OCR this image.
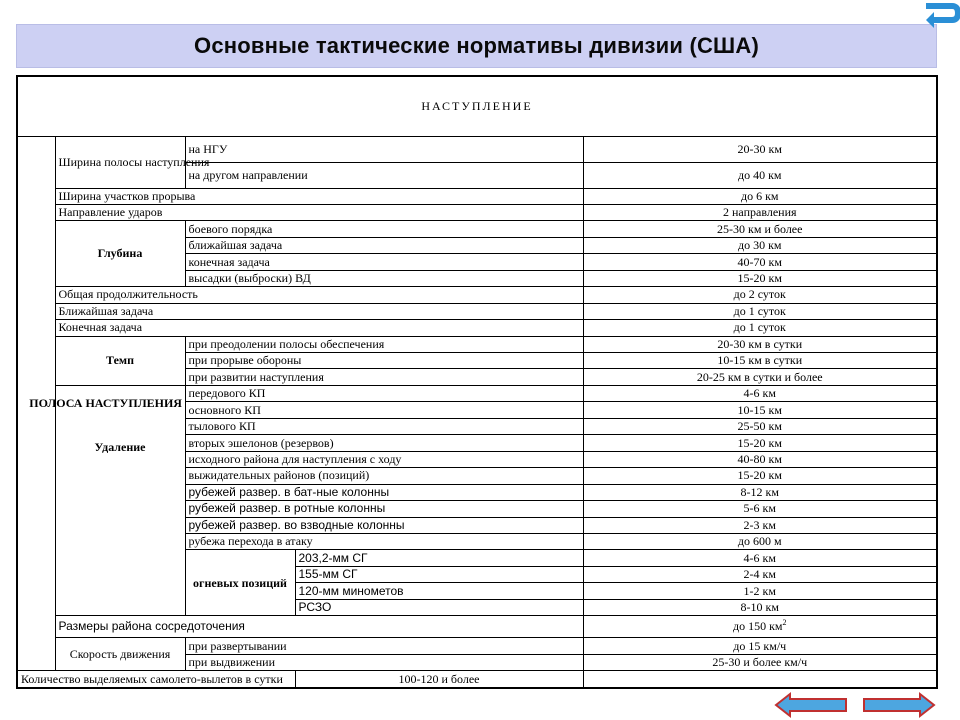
Основные тактические нормативы дивизии (США)
НАСТУПЛЕНИЕ				
ПОЛОСА НАСТУПЛЕНИЯ	Ширина полосы наступления	на НГУ		20-30 км
		на другом направлении		до 40 км
	Ширина участков прорыва			до 6 км
	Направление ударов			2 направления
	Глубина	боевого порядка		25-30 км и более
		ближайшая задача		до 30 км
		конечная задача		40-70 км
		высадки (выброски) ВД		15-20 км
	Общая продолжительность			до 2 суток
	Ближайшая задача			до 1 суток
	Конечная задача			до 1 суток
	Темп	при преодолении полосы обеспечения		20-30 км в сутки
		при прорыве обороны		10-15 км в сутки
		при развитии наступления		20-25 км в сутки и более
	Удаление	передового КП		4-6 км
		основного КП		10-15 км
		тылового КП		25-50 км
		вторых эшелонов (резервов)		15-20 км
		исходного района для наступления с ходу		40-80 км
		выжидательных районов (позиций)		15-20 км
		рубежей развер. в бат-ные колонны		8-12 км
		рубежей развер. в ротные колонны		5-6 км
		рубежей развер. во взводные колонны		2-3 км
		рубежа перехода в атаку		до 600 м
		огневых позиций	203,2-мм СГ	4-6 км
			155-мм СГ	2-4 км
			120-мм минометов	1-2 км
			РСЗО	8-10 км
	Размеры района сосредоточения			до 150 $км^2$
	Скорость движения	при развертывании		до 15 км/ч
		при выдвижении		25-30 и более км/ч
Количество выделяемых самолето-вылетов в сутки			100-120 и более	
